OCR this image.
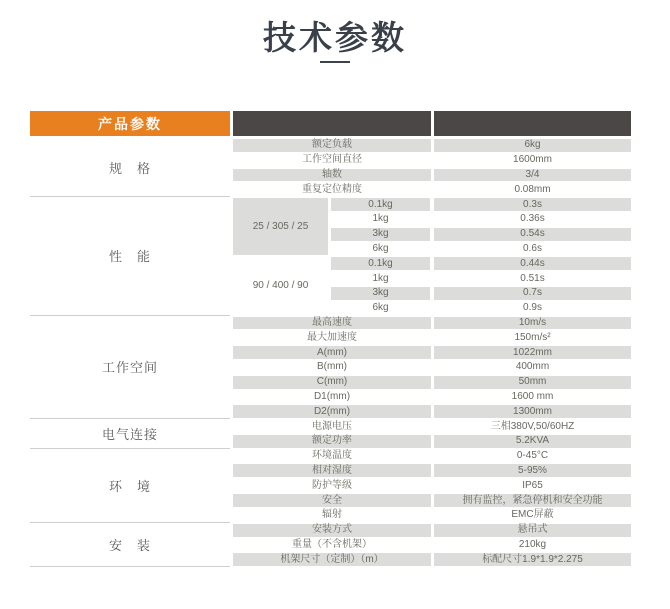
技术参数
产品参数
规　格
性　能
工作空间
电气连接
环　境
安　装
额定负载
工作空间直径
轴数
重复定位精度
0.1kg
1kg
3kg
6kg
0.1kg
1kg
3kg
6kg
最高速度
最大加速度
A(mm)
B(mm)
C(mm)
D1(mm)
D2(mm)
电源电压
额定功率
环境温度
相对湿度
防护等级
安全
辐射
安装方式
重量（不含机架）
机架尺寸（定制）（m）
25 / 305 / 25
90 / 400 / 90
6kg
1600mm
3/4
0.08mm
0.3s
0.36s
0.54s
0.6s
0.44s
0.51s
0.7s
0.9s
10m/s
150m/s²
1022mm
400mm
50mm
1600 mm
1300mm
三相380V,50/60HZ
5.2KVA
0-45°C
5-95%
IP65
拥有监控，紧急停机和安全功能
EMC屏蔽
悬吊式
210kg
标配尺寸1.9*1.9*2.275
